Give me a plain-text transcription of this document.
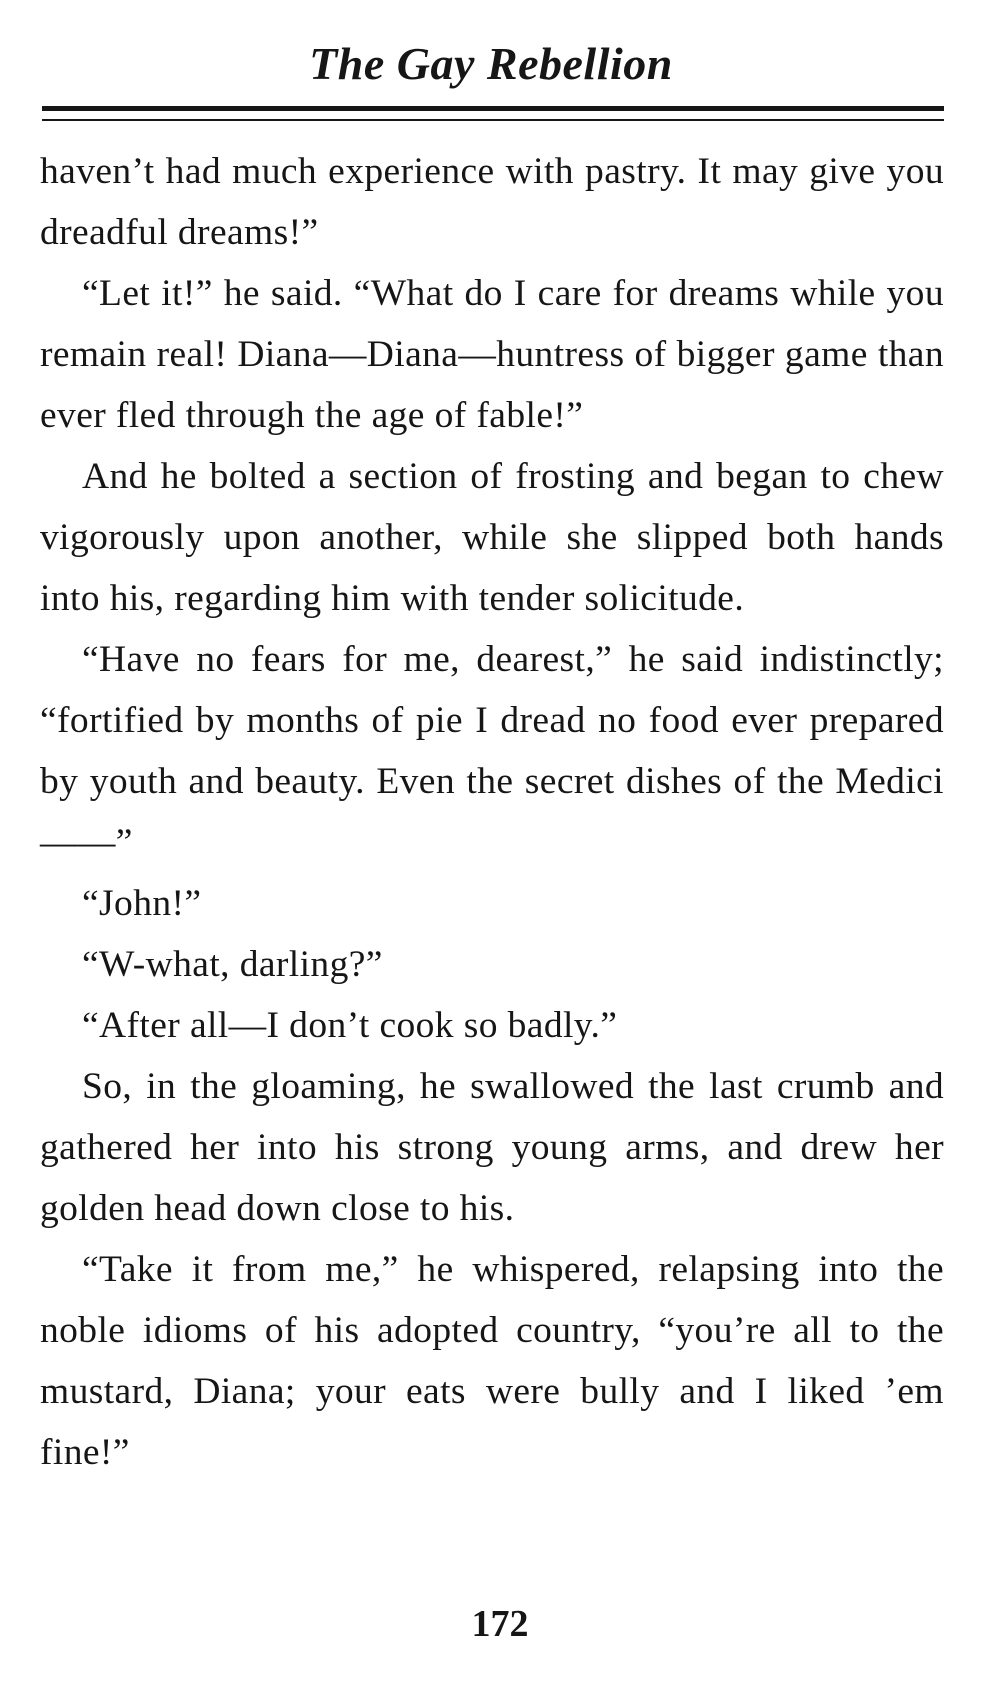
The Gay Rebellion

haven’t had much experience with pastry. It may give you dreadful dreams!”

“Let it!” he said. “What do I care for dreams while you remain real! Diana—Diana—huntress of bigger game than ever fled through the age of fable!”

And he bolted a section of frosting and began to chew vigorously upon another, while she slipped both hands into his, regarding him with tender solicitude.

“Have no fears for me, dearest,” he said indistinctly; “fortified by months of pie I dread no food ever prepared by youth and beauty. Even the secret dishes of the Medici——”

“John!”

“W-what, darling?”

“After all—I don’t cook so badly.”

So, in the gloaming, he swallowed the last crumb and gathered her into his strong young arms, and drew her golden head down close to his.

“Take it from me,” he whispered, relapsing into the noble idioms of his adopted country, “you’re all to the mustard, Diana; your eats were bully and I liked ’em fine!”

172
